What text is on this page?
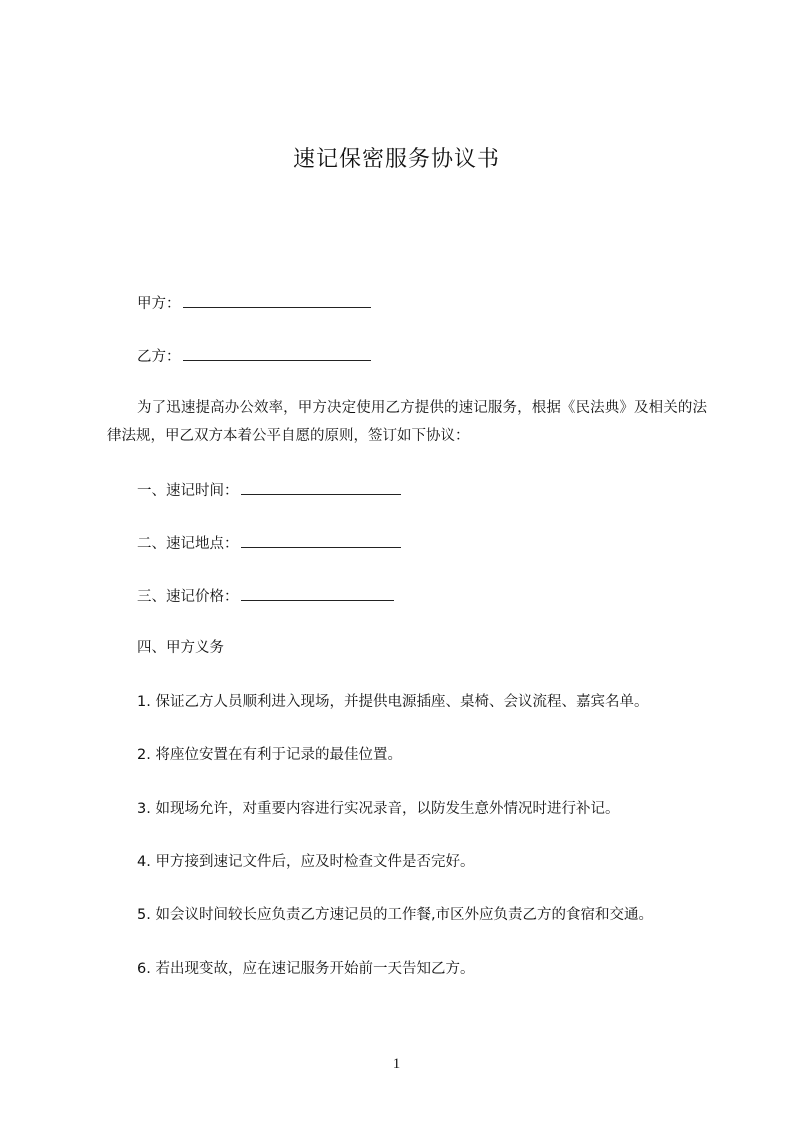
速记保密服务协议书
甲方：
乙方：
为了迅速提高办公效率，甲方决定使用乙方提供的速记服务，根据《民法典》及相关的法律法规，甲乙双方本着公平自愿的原则，签订如下协议：
一、速记时间：
二、速记地点：
三、速记价格：
四、甲方义务
1. 保证乙方人员顺利进入现场，并提供电源插座、桌椅、会议流程、嘉宾名单。
2. 将座位安置在有利于记录的最佳位置。
3. 如现场允许，对重要内容进行实况录音，以防发生意外情况时进行补记。
4. 甲方接到速记文件后，应及时检查文件是否完好。
5. 如会议时间较长应负责乙方速记员的工作餐,市区外应负责乙方的食宿和交通。
6. 若出现变故，应在速记服务开始前一天告知乙方。
1
